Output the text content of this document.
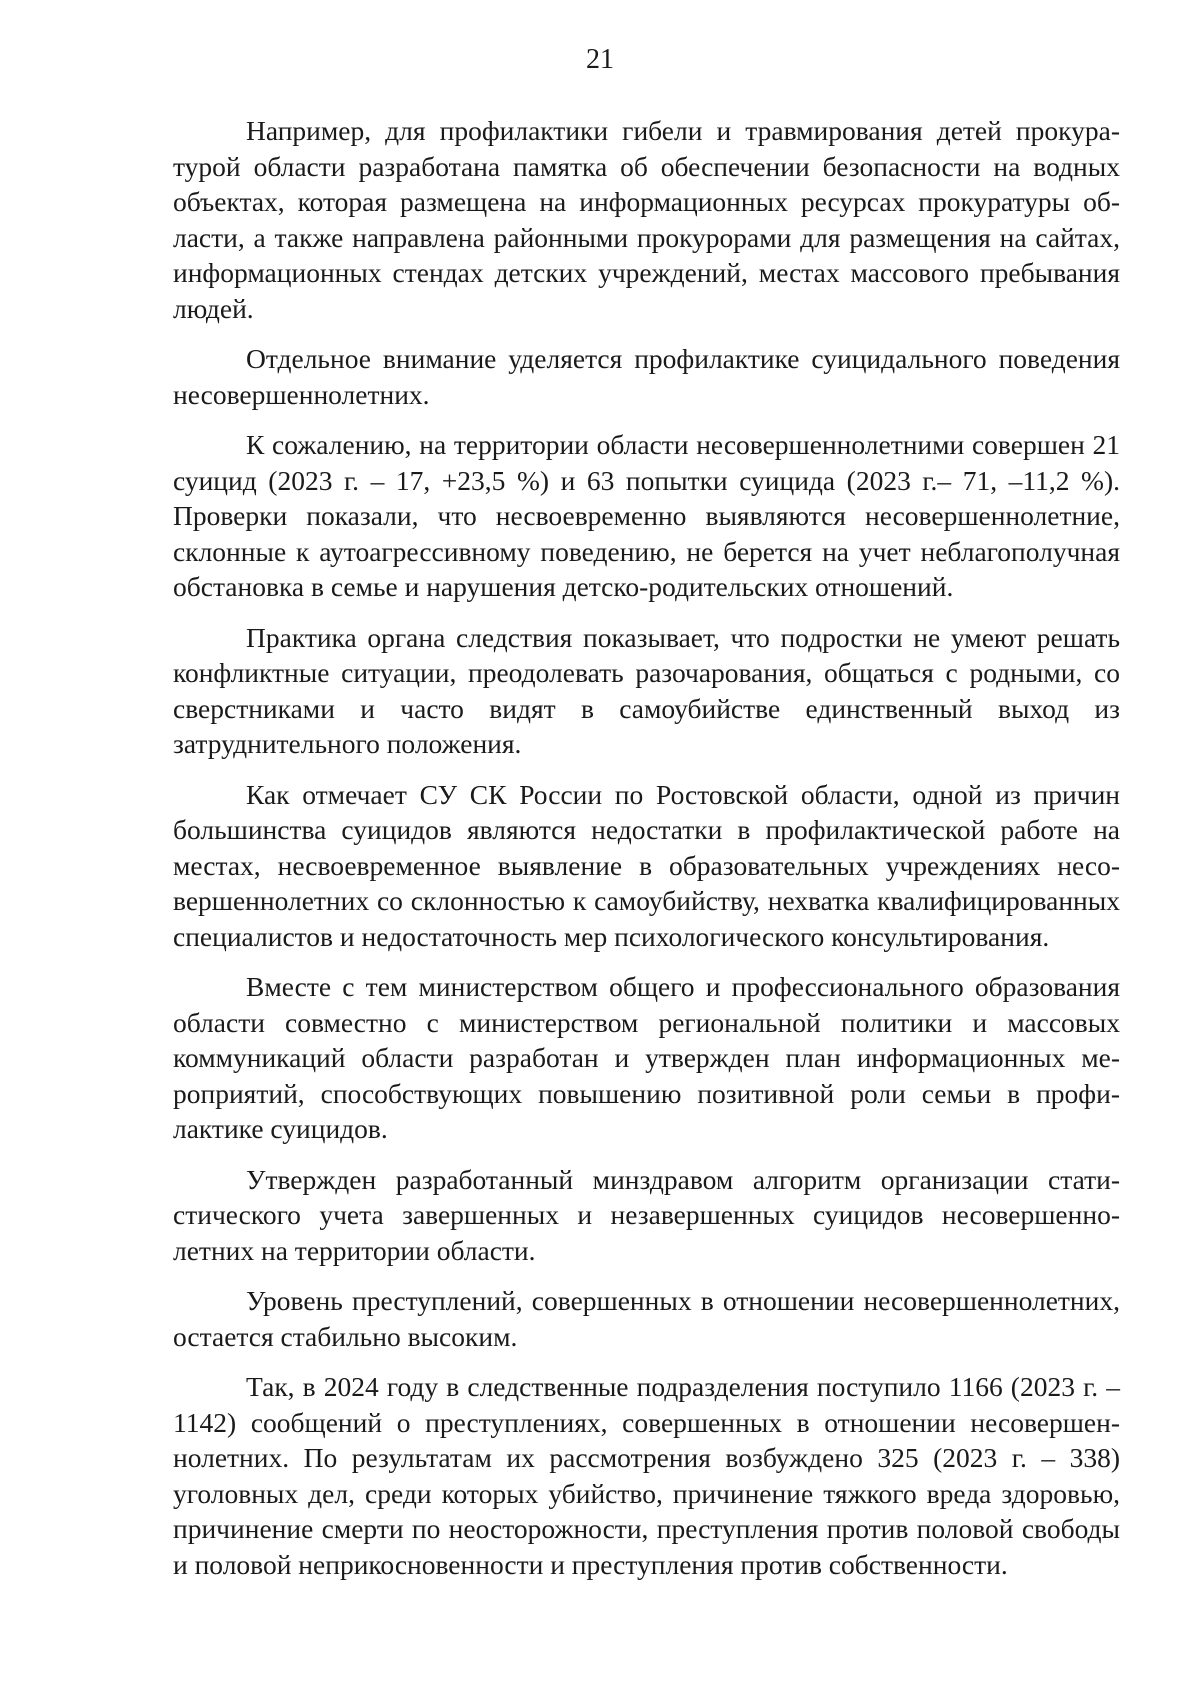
21

Например, для профилактики гибели и травмирования детей прокуратурой области разработана памятка об обеспечении безопасности на водных объектах, которая размещена на информационных ресурсах прокуратуры области, а также направлена районными прокурорами для размещения на сайтах, информационных стендах детских учреждений, местах массового пребывания людей.

Отдельное внимание уделяется профилактике суицидального поведения несовершеннолетних.

К сожалению, на территории области несовершеннолетними совершен 21 суицид (2023 г. – 17, +23,5 %) и 63 попытки суицида (2023 г.– 71, –11,2 %). Проверки показали, что несвоевременно выявляются несовершеннолетние, склонные к аутоагрессивному поведению, не берется на учет неблагополучная обстановка в семье и нарушения детско-родительских отношений.

Практика органа следствия показывает, что подростки не умеют решать конфликтные ситуации, преодолевать разочарования, общаться с родными, со сверстниками и часто видят в самоубийстве единственный выход из затруднительного положения.

Как отмечает СУ СК России по Ростовской области, одной из причин большинства суицидов являются недостатки в профилактической работе на местах, несвоевременное выявление в образовательных учреждениях несовершеннолетних со склонностью к самоубийству, нехватка квалифицированных специалистов и недостаточность мер психологического консультирования.

Вместе с тем министерством общего и профессионального образования области совместно с министерством региональной политики и массовых коммуникаций области разработан и утвержден план информационных мероприятий, способствующих повышению позитивной роли семьи в профилактике суицидов.

Утвержден разработанный минздравом алгоритм организации статистического учета завершенных и незавершенных суицидов несовершеннолетних на территории области.

Уровень преступлений, совершенных в отношении несовершеннолетних, остается стабильно высоким.

Так, в 2024 году в следственные подразделения поступило 1166 (2023 г. – 1142) сообщений о преступлениях, совершенных в отношении несовершеннолетних. По результатам их рассмотрения возбуждено 325 (2023 г. – 338) уголовных дел, среди которых убийство, причинение тяжкого вреда здоровью, причинение смерти по неосторожности, преступления против половой свободы и половой неприкосновенности и преступления против собственности.
